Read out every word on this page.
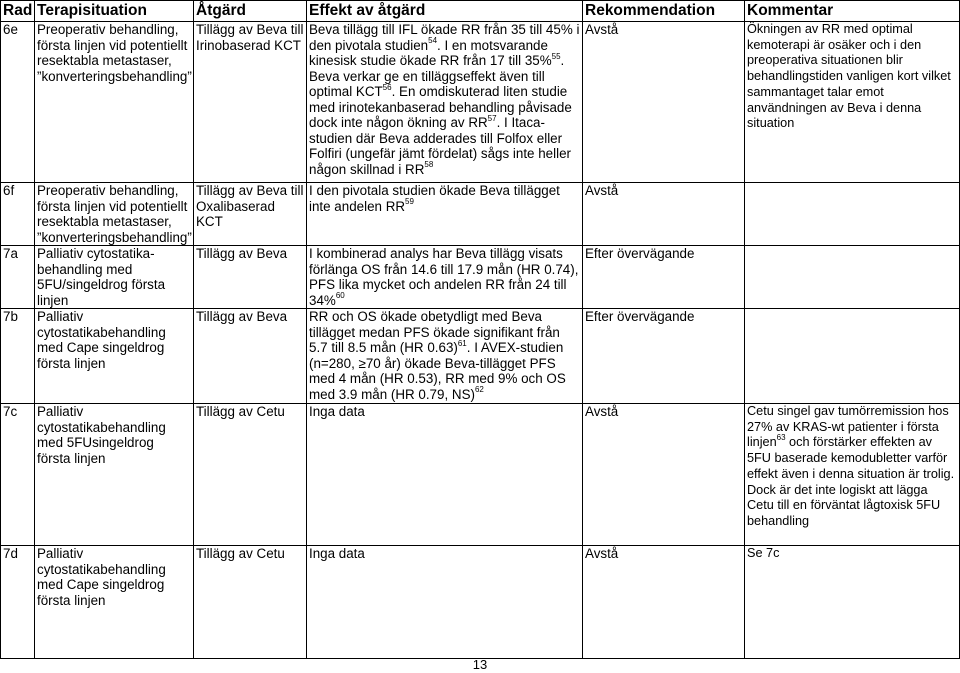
Rad	Terapisituation	Åtgärd	Effekt av åtgärd	Rekommendation	Kommentar
6e	Preoperativ behandling, första linjen vid potentiellt resektabla metastaser, ”konverteringsbehandling”	Tillägg av Beva till Irinobaserad KCT	Beva tillägg till IFL ökade RR från 35 till 45% i den pivotala studien$^{54}$. I en motsvarande kinesisk studie ökade RR från 17 till 35%$^{55}$. Beva verkar ge en tilläggseffekt även till optimal KCT$^{56}$. En omdiskuterad liten studie med irinotekanbaserad behandling påvisade dock inte någon ökning av RR$^{57}$. I Itaca-studien där Beva adderades till Folfox eller Folfiri (ungefär jämt fördelat) sågs inte heller någon skillnad i RR$^{58}$	Avstå	Ökningen av RR med optimal kemoterapi är osäker och i den preoperativa situationen blir behandlingstiden vanligen kort vilket sammantaget talar emot användningen av Beva i denna situation
6f	Preoperativ behandling, första linjen vid potentiellt resektabla metastaser, ”konverteringsbehandling”	Tillägg av Beva till Oxalibaserad KCT	I den pivotala studien ökade Beva tillägget inte andelen RR$^{59}$	Avstå	
7a	Palliativ cytostatika-behandling med 5FU/singeldrog första linjen	Tillägg av Beva	I kombinerad analys har Beva tillägg visats förlänga OS från 14.6 till 17.9 mån (HR 0.74), PFS lika mycket och andelen RR från 24 till 34%$^{60}$	Efter övervägande	
7b	Palliativ cytostatikabehandling med Cape singeldrog första linjen	Tillägg av Beva	RR och OS ökade obetydligt med Beva tillägget medan PFS ökade signifikant från 5.7 till 8.5 mån (HR 0.63)$^{61}$. I AVEX-studien (n=280, ≥70 år) ökade Beva-tillägget PFS med 4 mån (HR 0.53), RR med 9% och OS med 3.9 mån (HR 0.79, NS)$^{62}$	Efter övervägande	
7c	Palliativ cytostatikabehandling med 5FUsingeldrog första linjen	Tillägg av Cetu	Inga data	Avstå	Cetu singel gav tumörremission hos 27% av KRAS-wt patienter i första linjen$^{63}$ och förstärker effekten av 5FU baserade kemodubletter varför effekt även i denna situation är trolig. Dock är det inte logiskt att lägga Cetu till en förväntat lågtoxisk 5FU behandling
7d	Palliativ cytostatikabehandling med Cape singeldrog första linjen	Tillägg av Cetu	Inga data	Avstå	Se 7c
13
